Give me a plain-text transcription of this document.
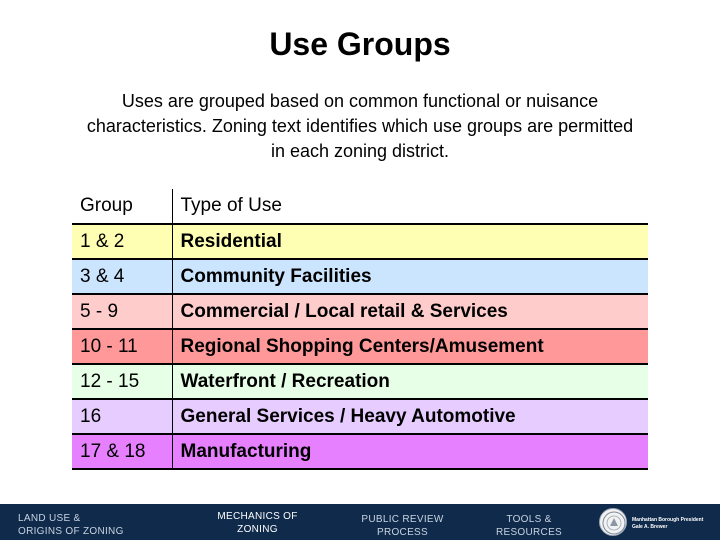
Use Groups
Uses are grouped based on common functional or nuisance characteristics. Zoning text identifies which use groups are permitted in each zoning district.
Group	Type of Use
1 & 2	Residential
3 & 4	Community Facilities
5 - 9	Commercial / Local retail & Services
10 - 11	Regional Shopping Centers/Amusement
12 - 15	Waterfront / Recreation
16	General Services / Heavy Automotive
17 & 18	Manufacturing
LAND USE &
ORIGINS OF ZONING
MECHANICS OF
ZONING
PUBLIC REVIEW
PROCESS
TOOLS &
RESOURCES
Manhattan Borough President
Gale A. Brewer
